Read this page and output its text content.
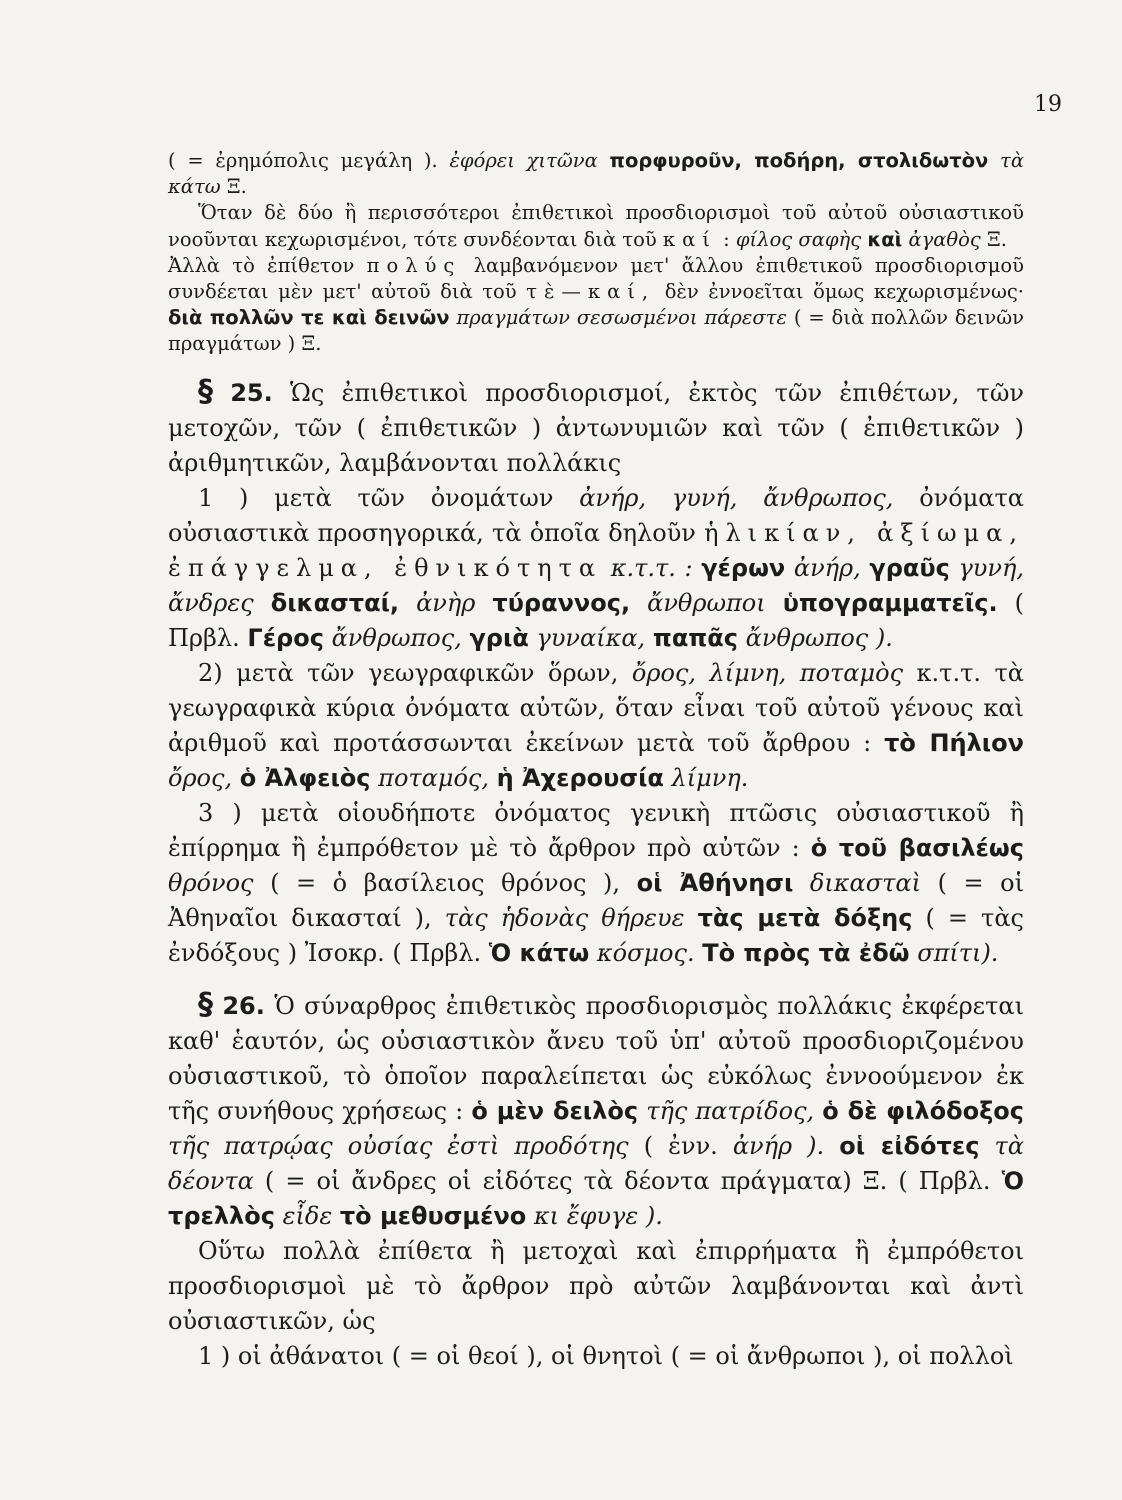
19

( = ἐρημόπολις μεγάλη ). ἐφόρει χιτῶνα πορφυροῦν, ποδήρη, στολιδωτὸν τὰ κάτω Ξ.

Ὅταν δὲ δύο ἢ περισσότεροι ἐπιθετικοὶ προσδιορισμοὶ τοῦ αὐτοῦ οὐσιαστικοῦ νοοῦνται κεχωρισμένοι, τότε συνδέονται διὰ τοῦ καί : φίλος σαφὴς καὶ ἀγαθὸς Ξ.

Ἀλλὰ τὸ ἐπίθετον πολύς λαμβανόμενον μετ' ἄλλου ἐπιθετικοῦ προσδιορισμοῦ συνδέεται μὲν μετ' αὐτοῦ διὰ τοῦ τὲ—καί, δὲν ἐννοεῖται ὅμως κεχωρισμένως· διὰ πολλῶν τε καὶ δεινῶν πραγμάτων σεσωσμένοι πάρεστε ( = διὰ πολλῶν δεινῶν πραγμάτων ) Ξ.

§ 25. Ὡς ἐπιθετικοὶ προσδιορισμοί, ἐκτὸς τῶν ἐπιθέτων, τῶν μετοχῶν, τῶν ( ἐπιθετικῶν ) ἀντωνυμιῶν καὶ τῶν ( ἐπιθετικῶν ) ἀριθμητικῶν, λαμβάνονται πολλάκις

1 ) μετὰ τῶν ὀνομάτων ἀνήρ, γυνή, ἄνθρωπος, ὀνόματα οὐσιαστικὰ προσηγορικά, τὰ ὁποῖα δηλοῦν ἡλικίαν, ἀξίωμα, ἐπάγγελμα, ἐθνικότητα κ.τ.τ. : γέρων ἀνήρ, γραῦς γυνή, ἄνδρες δικασταί, ἀνὴρ τύραννος, ἄνθρωποι ὑπογραμματεῖς. ( Πρβλ. Γέρος ἄνθρωπος, γριὰ γυναίκα, παπᾶς ἄνθρωπος ).

2) μετὰ τῶν γεωγραφικῶν ὅρων, ὄρος, λίμνη, ποταμὸς κ.τ.τ. τὰ γεωγραφικὰ κύρια ὀνόματα αὐτῶν, ὅταν εἶναι τοῦ αὐτοῦ γένους καὶ ἀριθμοῦ καὶ προτάσσωνται ἐκείνων μετὰ τοῦ ἄρθρου : τὸ Πήλιον ὄρος, ὁ Ἀλφειὸς ποταμός, ἡ Ἀχερουσία λίμνη.

3 ) μετὰ οἱουδήποτε ὀνόματος γενικὴ πτῶσις οὐσιαστικοῦ ἢ ἐπίρρημα ἢ ἐμπρόθετον μὲ τὸ ἄρθρον πρὸ αὐτῶν : ὁ τοῦ βασιλέως θρόνος ( = ὁ βασίλειος θρόνος ), οἱ Ἀθήνησι δικασταὶ ( = οἱ Ἀθηναῖοι δικασταί ), τὰς ἡδονὰς θήρευε τὰς μετὰ δόξης ( = τὰς ἐνδόξους ) Ἰσοκρ. ( Πρβλ. Ὁ κάτω κόσμος. Τὸ πρὸς τὰ ἐδῶ σπίτι).

§ 26. Ὁ σύναρθρος ἐπιθετικὸς προσδιορισμὸς πολλάκις ἐκφέρεται καθ' ἑαυτόν, ὡς οὐσιαστικὸν ἄνευ τοῦ ὑπ' αὐτοῦ προσδιοριζομένου οὐσιαστικοῦ, τὸ ὁποῖον παραλείπεται ὡς εὐκόλως ἐννοούμενον ἐκ τῆς συνήθους χρήσεως : ὁ μὲν δειλὸς τῆς πατρίδος, ὁ δὲ φιλόδοξος τῆς πατρῴας οὐσίας ἐστὶ προδότης ( ἐνν. ἀνήρ ). οἱ εἰδότες τὰ δέοντα ( = οἱ ἄνδρες οἱ εἰδότες τὰ δέοντα πράγματα) Ξ. ( Πρβλ. Ὁ τρελλὸς εἶδε τὸ μεθυσμένο κι ἔφυγε ).

Οὕτω πολλὰ ἐπίθετα ἢ μετοχαὶ καὶ ἐπιρρήματα ἢ ἐμπρόθετοι προσδιορισμοὶ μὲ τὸ ἄρθρον πρὸ αὐτῶν λαμβάνονται καὶ ἀντὶ οὐσιαστικῶν, ὡς

1 ) οἱ ἀθάνατοι ( = οἱ θεοί ), οἱ θνητοὶ ( = οἱ ἄνθρωποι ), οἱ πολλοὶ
